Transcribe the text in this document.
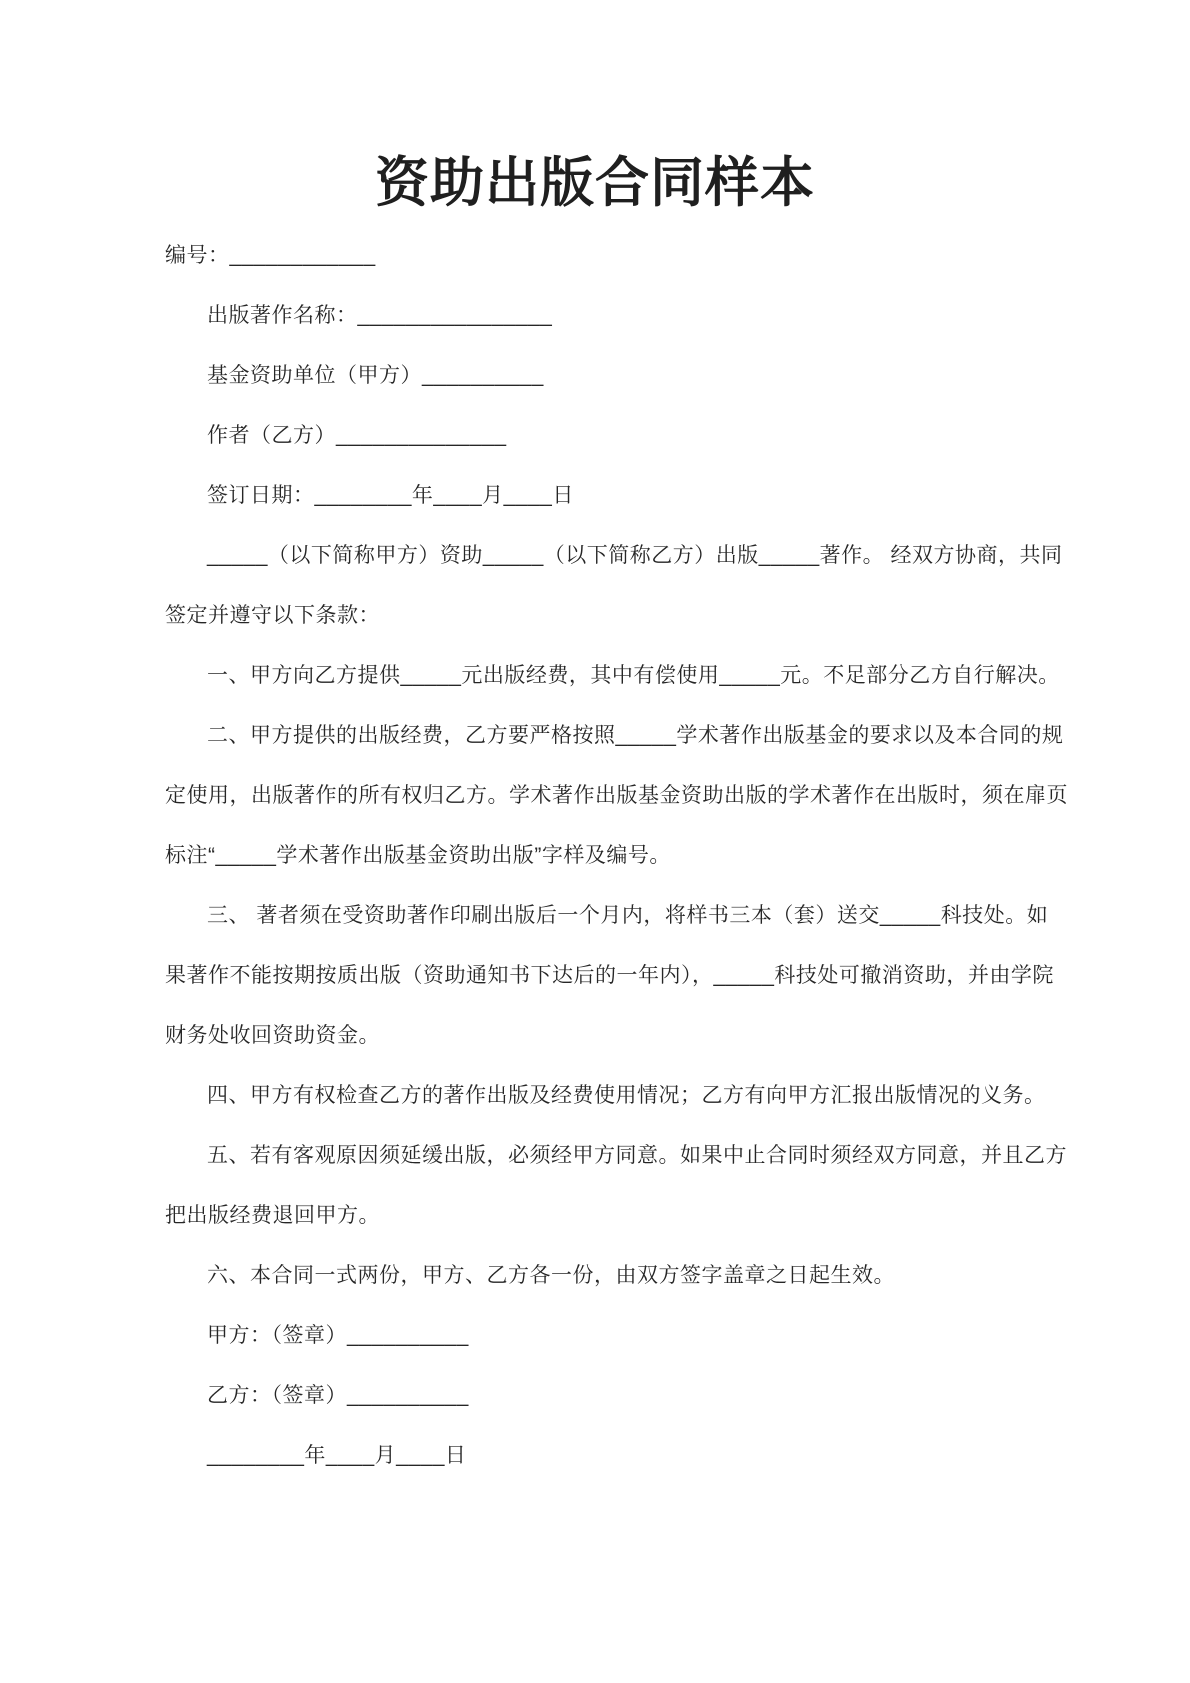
资助出版合同样本
编号：____________
出版著作名称：________________
基金资助单位（甲方）__________
作者（乙方）______________
签订日期：________年____月____日
_____（以下简称甲方）资助_____（以下简称乙方）出版_____著作。 经双方协商，共同
签定并遵守以下条款：
一、甲方向乙方提供_____元出版经费，其中有偿使用_____元。不足部分乙方自行解决。
二、甲方提供的出版经费，乙方要严格按照_____学术著作出版基金的要求以及本合同的规
定使用，出版著作的所有权归乙方。学术著作出版基金资助出版的学术著作在出版时，须在扉页
标注“_____学术著作出版基金资助出版”字样及编号。
三、 著者须在受资助著作印刷出版后一个月内，将样书三本（套）送交_____科技处。如
果著作不能按期按质出版（资助通知书下达后的一年内），_____科技处可撤消资助，并由学院
财务处收回资助资金。
四、甲方有权检查乙方的著作出版及经费使用情况；乙方有向甲方汇报出版情况的义务。
五、若有客观原因须延缓出版，必须经甲方同意。如果中止合同时须经双方同意，并且乙方
把出版经费退回甲方。
六、本合同一式两份，甲方、乙方各一份，由双方签字盖章之日起生效。
甲方：（签章）__________
乙方：（签章）__________
________年____月____日
